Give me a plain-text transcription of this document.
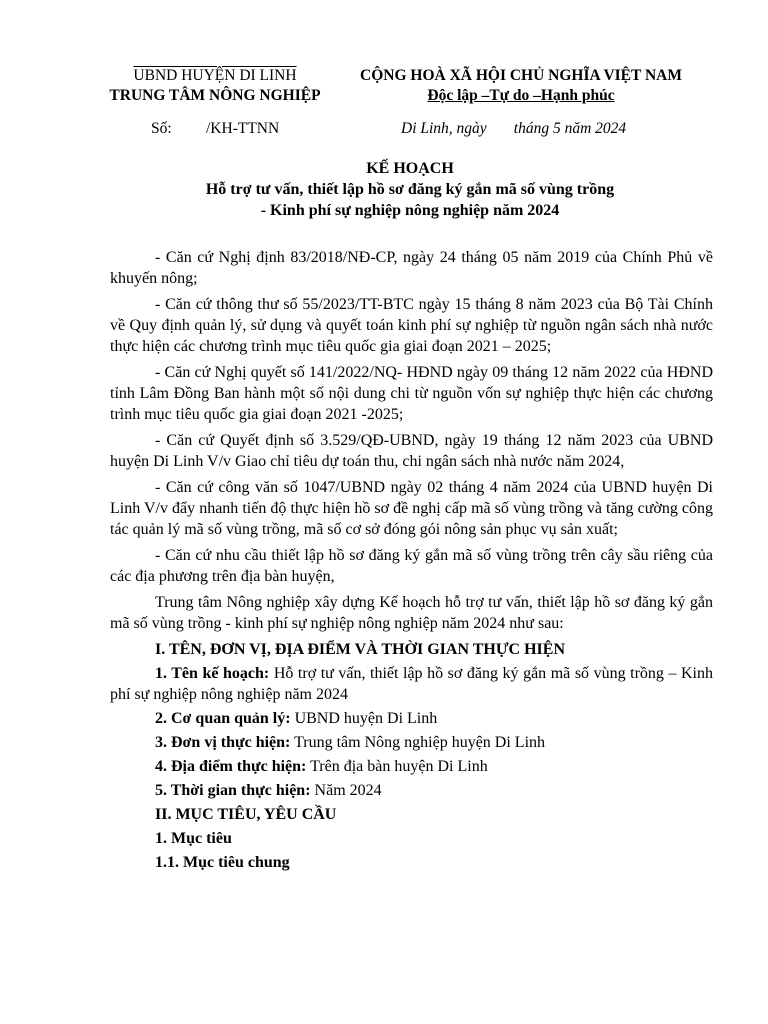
UBND HUYỆN DI LINH
TRUNG TÂM NÔNG NGHIỆP
CỘNG HOÀ XÃ HỘI CHỦ NGHĨA VIỆT NAM
Độc lập –Tự do –Hạnh phúc
Số: /KH-TTNN	Di Linh, ngày       tháng 5 năm 2024
KẾ HOẠCH
Hỗ trợ tư vấn, thiết lập hồ sơ đăng ký gắn mã số vùng trồng
- Kinh phí sự nghiệp nông nghiệp năm 2024

- Căn cứ Nghị định 83/2018/NĐ-CP, ngày 24 tháng 05 năm 2019 của Chính Phủ về khuyến nông;

- Căn cứ thông thư số 55/2023/TT-BTC ngày 15 tháng 8 năm 2023 của Bộ Tài Chính về Quy định quản lý, sử dụng và quyết toán kinh phí sự nghiệp từ nguồn ngân sách nhà nước thực hiện các chương trình mục tiêu quốc gia giai đoạn 2021 – 2025;

- Căn cứ Nghị quyết số 141/2022/NQ- HĐND ngày 09 tháng 12 năm 2022 của HĐND tỉnh Lâm Đồng Ban hành một số nội dung chi từ nguồn vốn sự nghiệp thực hiện các chương trình mục tiêu quốc gia giai đoạn 2021 -2025;

- Căn cứ Quyết định số 3.529/QĐ-UBND, ngày 19 tháng 12 năm 2023 của UBND huyện Di Linh V/v Giao chỉ tiêu dự toán thu, chi ngân sách nhà nước năm 2024,

- Căn cứ công văn số 1047/UBND ngày 02 tháng 4 năm 2024 của UBND huyện Di Linh V/v đẩy nhanh tiến độ thực hiện hồ sơ đề nghị cấp mã số vùng trồng và tăng cường công tác quản lý mã số vùng trồng, mã số cơ sở đóng gói nông sản phục vụ sản xuất;

- Căn cứ nhu cầu thiết lập hồ sơ đăng ký gắn mã số vùng trồng trên cây sầu riêng của các địa phương trên địa bàn huyện,

Trung tâm Nông nghiệp xây dựng Kế hoạch hỗ trợ tư vấn, thiết lập hồ sơ đăng ký gắn mã số vùng trồng - kinh phí sự nghiệp nông nghiệp năm 2024 như sau:

I. TÊN, ĐƠN VỊ, ĐỊA ĐIỂM VÀ THỜI GIAN THỰC HIỆN

1. Tên kế hoạch: Hỗ trợ tư vấn, thiết lập hồ sơ đăng ký gắn mã số vùng trồng – Kinh phí sự nghiệp nông nghiệp năm 2024

2. Cơ quan quản lý: UBND huyện Di Linh

3. Đơn vị thực hiện: Trung tâm Nông nghiệp huyện Di Linh

4. Địa điểm thực hiện: Trên địa bàn huyện Di Linh

5. Thời gian thực hiện: Năm 2024

II. MỤC TIÊU, YÊU CẦU

1. Mục tiêu

1.1. Mục tiêu chung
